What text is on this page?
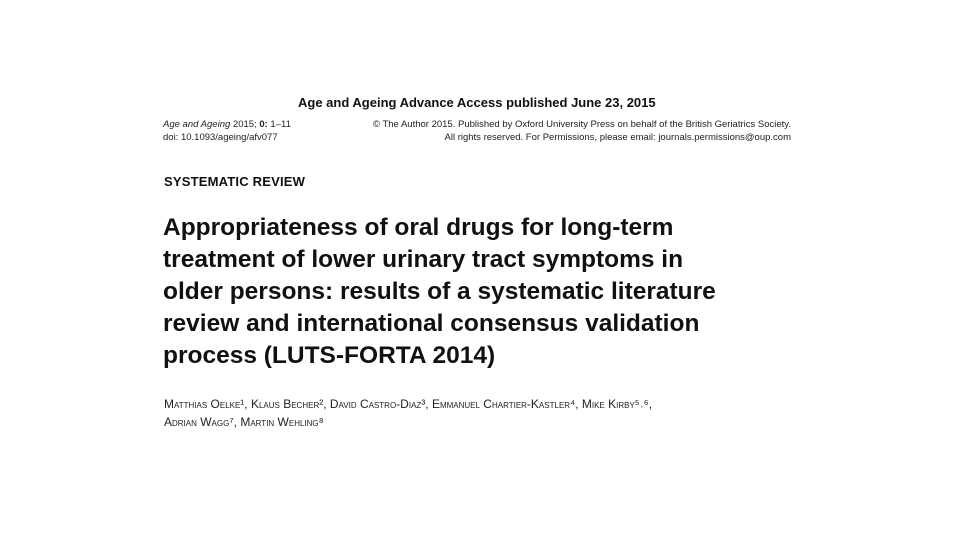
Age and Ageing Advance Access published June 23, 2015
Age and Ageing 2015; 0: 1–11
doi: 10.1093/ageing/afv077
© The Author 2015. Published by Oxford University Press on behalf of the British Geriatrics Society.
All rights reserved. For Permissions, please email: journals.permissions@oup.com
SYSTEMATIC REVIEW
Appropriateness of oral drugs for long-term
treatment of lower urinary tract symptoms in
older persons: results of a systematic literature
review and international consensus validation
process (LUTS-FORTA 2014)
Matthias Oelke¹, Klaus Becher², David Castro-Diaz³, Emmanuel Chartier-Kastler⁴, Mike Kirby⁵˒⁶,
Adrian Wagg⁷, Martin Wehling⁸
